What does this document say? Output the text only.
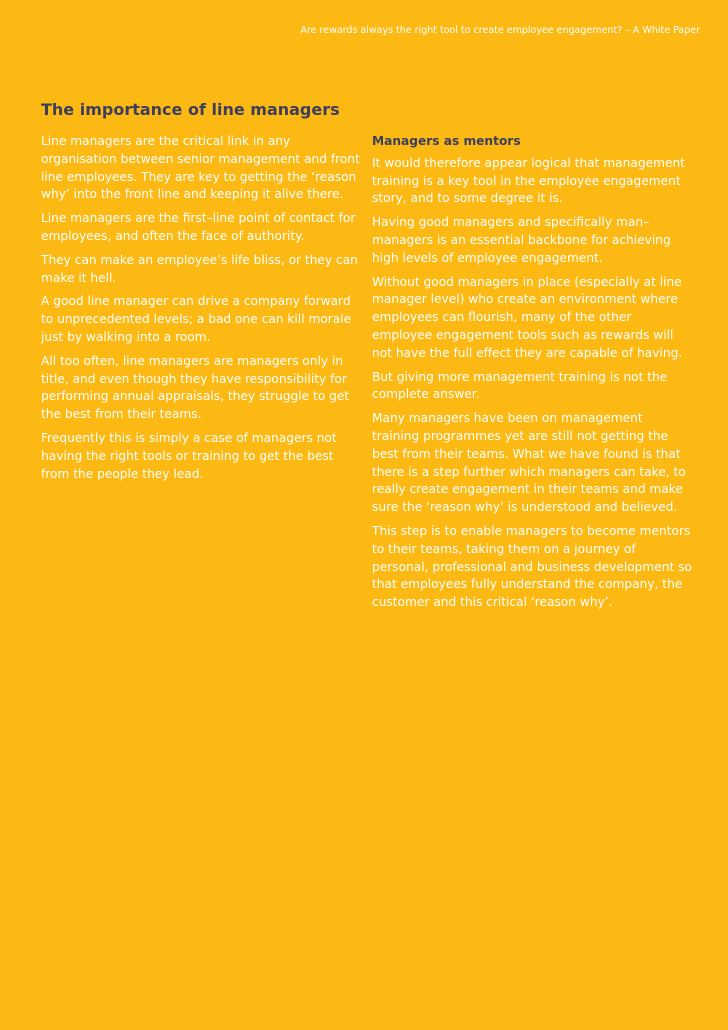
Are rewards always the right tool to create employee engagement? – A White Paper
The importance of line managers

Line managers are the critical link in any organisation between senior management and front line employees. They are key to getting the ‘reason why’ into the front line and keeping it alive there.

Line managers are the first–line point of contact for employees, and often the face of authority.

They can make an employee’s life bliss, or they can make it hell.

A good line manager can drive a company forward to unprecedented levels; a bad one can kill morale just by walking into a room.

All too often, line managers are managers only in title, and even though they have responsibility for performing annual appraisals, they struggle to get the best from their teams.

Frequently this is simply a case of managers not having the right tools or training to get the best from the people they lead.

Managers as mentors

It would therefore appear logical that management training is a key tool in the employee engagement story, and to some degree it is.

Having good managers and specifically man– managers is an essential backbone for achieving high levels of employee engagement.

Without good managers in place (especially at line manager level) who create an environment where employees can flourish, many of the other employee engagement tools such as rewards will not have the full effect they are capable of having.

But giving more management training is not the complete answer.

Many managers have been on management training programmes yet are still not getting the best from their teams. What we have found is that there is a step further which managers can take, to really create engagement in their teams and make sure the ‘reason why’ is understood and believed.

This step is to enable managers to become mentors to their teams, taking them on a journey of personal, professional and business development so that employees fully understand the company, the customer and this critical ‘reason why’.
